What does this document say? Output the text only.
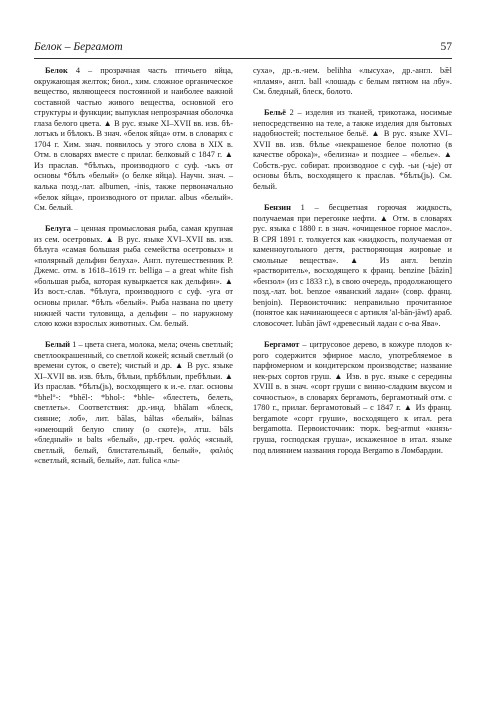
Белок – Бергамот	57

Белок 4 – прозрачная часть птичьего яйца, окружающая желток; биол., хим. сложное органическое вещество, являющееся постоянной и наиболее важной составной частью живого вещества, основной его структуры и функции; выпуклая непрозрачная оболочка глаза белого цвета. ▲ В рус. языке XI–XVII вв. изв. бѣлотъкъ и бѣлокъ. В знач. «белок яйца» отм. в словарях с 1704 г. Хим. знач. появилось у этого слова в XIX в. Отм. в словарях вместе с прилаг. белковый с 1847 г. ▲ Из праслав. *бѣлъкъ, производного с суф. -ъкъ от основы *бѣлъ «белый» (о белке яйца). Научн. знач. – калька позд.-лат. albumen, -inis, также первоначально «белок яйца», производного от прилаг. albus «белый». См. белый.

Белуга – ценная промысловая рыба, самая крупная из сем. осетровых. ▲ В рус. языке XVI–XVII вв. изв. бѣлуга «самая большая рыба семейства осетровых» и «полярный дельфин белуха». Англ. путешественник Р. Джемс. отм. в 1618–1619 гг. belliga – a great white fish «большая рыба, которая кувыркается как дельфин». ▲ Из вост.-слав. *бѣлуга, производного с суф. -уга от основы прилаг. *бѣлъ «белый». Рыба названа по цвету нижней части туловища, а дельфин – по наружному слою кожи взрослых животных. См. белый.

Белый 1 – цвета снега, молока, мела; очень светлый; светлоокрашенный, со светлой кожей; ясный светлый (о времени суток, о свете); чистый и др. ▲ В рус. языке XI–XVII вв. изв. бѣлъ, бѣлыи, прѣбѣлыи, пребѣлыи. ▲ Из праслав. *бѣлъ(jь), восходящего к и.-е. глаг. основы *bhel°-: *bhēl-: *bhol-: *bhle- «блестеть, белеть, светлеть». Соответствия: др.-инд. bhālam «блеск, сияние; лоб», лит. bālas, báltas «белый», bálnas «имеющий белую спину (о скоте)», лтш. bāls «бледный» и balts «белый», др.-греч. φαλός «ясный, светлый, белый, блистательный, белый», φαλιός «светлый, ясный, белый», лат. fulica «лы-

суха», др.-в.-нем. belihha «лысуха», др.-англ. bǣl «пламя», англ. ball «лошадь с белым пятном на лбу». См. бледный, блеск, болото.

Бельё 2 – изделия из тканей, трикотажа, носимые непосредственно на теле, а также изделия для бытовых надобностей; постельное бельё. ▲ В рус. языке XVI–XVII вв. изв. бѣлье «некрашеное белое полотно (в качестве оброка)», «белизна» и позднее – «белье». ▲ Собств.-рус. собират. производное с суф. -ьи (-ьје) от основы бѣлъ, восходящего к праслав. *бѣлъ(jь). См. белый.

Бензин 1 – бесцветная горючая жидкость, получаемая при перегонке нефти. ▲ Отм. в словарях рус. языка с 1880 г. в знач. «очищенное горное масло». В СРЯ 1891 г. толкуется как «жидкость, получаемая от каменноугольного дегтя, растворяющая жировые и смольные вещества». ▲ Из англ. benzin «растворитель», восходящего к франц. benzine [bāzin] «бензол» (из с 1833 г.), в свою очередь, продолжающего позд.-лат. bot. benzoe «яванский ладан» (совр. франц. benjoin). Первоисточник: неправильно прочитанное (понятое как начинающееся с артикля 'al-bān-jāwī) араб. словосочет. lubān jāwī «древесный ладан с о-ва Ява».

Бергамот – цитрусовое дерево, в кожуре плодов к-рого содержится эфирное масло, употребляемое в парфюмерном и кондитерском производстве; название нек-рых сортов груш. ▲ Изв. в рус. языке с середины XVIII в. в знач. «сорт груши с винно-сладким вкусом и сочностью», в словарях бергамоть, бергамотный отм. с 1780 г., прилаг. бергамотовый – с 1847 г. ▲ Из франц. bergamote «сорт груши», восходящего к итал. pera bergamotta. Первоисточник: тюрк. beg-armut «князь-груша, господская груша», искаженное в итал. языке под влиянием названия города Bergamo в Ломбардии.
